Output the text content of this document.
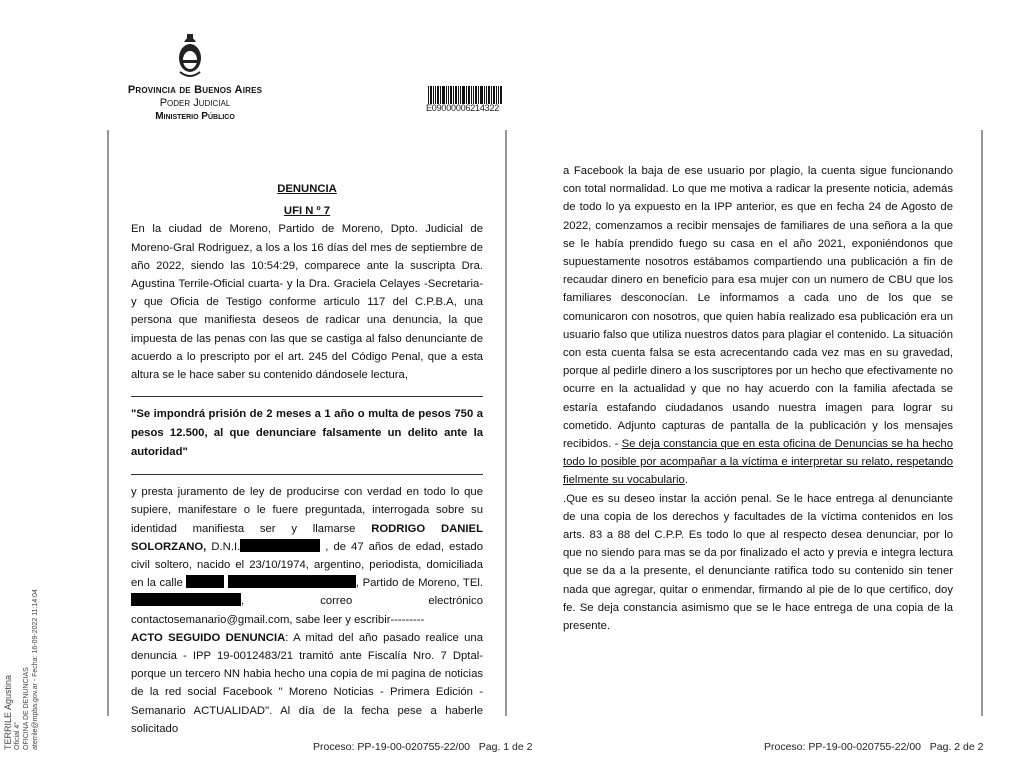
Provincia de Buenos Aires
Poder Judicial
Ministerio Público
E09000006214322
DENUNCIA
UFI N º 7
En la ciudad de Moreno, Partido de Moreno, Dpto. Judicial de Moreno-Gral Rodriguez, a los a los 16 días del mes de septiembre de año 2022, siendo las 10:54:29, comparece ante la suscripta Dra. Agustina Terrile-Oficial cuarta- y la Dra. Graciela Celayes -Secretaria- y que Oficia de Testigo conforme articulo 117 del C.P.B.A, una persona que manifiesta deseos de radicar una denuncia, la que impuesta de las penas con las que se castiga al falso denunciante de acuerdo a lo prescripto por el art. 245 del Código Penal, que a esta altura se le hace saber su contenido dándosele lectura,
"Se impondrá prisión de 2 meses a 1 año o multa de pesos 750 a pesos 12.500, al que denunciare falsamente un delito ante la autoridad"
y presta juramento de ley de producirse con verdad en todo lo que supiere, manifestare o le fuere preguntada, interrogada sobre su identidad manifiesta ser y llamarse RODRIGO DANIEL SOLORZANO, D.N.I.	, de 47 años de edad, estado civil soltero, nacido el 23/10/1974, argentino, periodista, domiciliada en la calle	, Partido de Moreno, TEl., correo electrónico contactosemanario@gmail.com, sabe leer y escribir---------
ACTO SEGUIDO DENUNCIA: A mitad del año pasado realice una denuncia - IPP 19-0012483/21 tramitó ante Fiscalía Nro. 7 Dptal- porque un tercero NN habia hecho una copia de mi pagina de noticias de la red social Facebook " Moreno Noticias - Primera Edición - Semanario ACTUALIDAD". Al día de la fecha pese a haberle solicitado
a Facebook la baja de ese usuario por plagio, la cuenta sigue funcionando con total normalidad. Lo que me motiva a radicar la presente noticia, además de todo lo ya expuesto en la IPP anterior, es que en fecha 24 de Agosto de 2022, comenzamos a recibir mensajes de familiares de una señora a la que se le había prendido fuego su casa en el año 2021, exponiéndonos que supuestamente nosotros estábamos compartiendo una publicación a fin de recaudar dinero en beneficio para esa mujer con un numero de CBU que los familiares desconocían. Le informamos a cada uno de los que se comunicaron con nosotros, que quien había realizado esa publicación era un usuario falso que utiliza nuestros datos para plagiar el contenido. La situación con esta cuenta falsa se esta acrecentando cada vez mas en su gravedad, porque al pedirle dinero a los suscriptores por un hecho que efectivamente no ocurre en la actualidad y que no hay acuerdo con la familia afectada se estaría estafando ciudadanos usando nuestra imagen para lograr su cometido. Adjunto capturas de pantalla de la publicación y los mensajes recibidos. - Se deja constancia que en esta oficina de Denuncias se ha hecho todo lo posible por acompañar a la víctima e interpretar su relato, respetando fielmente su vocabulario.
.Que es su deseo instar la acción penal. Se le hace entrega al denunciante de una copia de los derechos y facultades de la víctima contenidos en los arts. 83 a 88 del C.P.P. Es todo lo que al respecto desea denunciar, por lo que no siendo para mas se da por finalizado el acto y previa e integra lectura que se da a la presente, el denunciante ratifica todo su contenido sin tener nada que agregar, quitar o enmendar, firmando al pie de lo que certifico, doy fe. Se deja constancia asimismo que se le hace entrega de una copia de la presente.
Proceso: PP-19-00-020755-22/00   Pag. 1 de 2	Proceso: PP-19-00-020755-22/00   Pag. 2 de 2
TERRILE Agustina Oficial 4° OFICINA DE DENUNCIAS aterrile@mpba.gov.ar - Fecha: 16-09-2022 11:14:04
